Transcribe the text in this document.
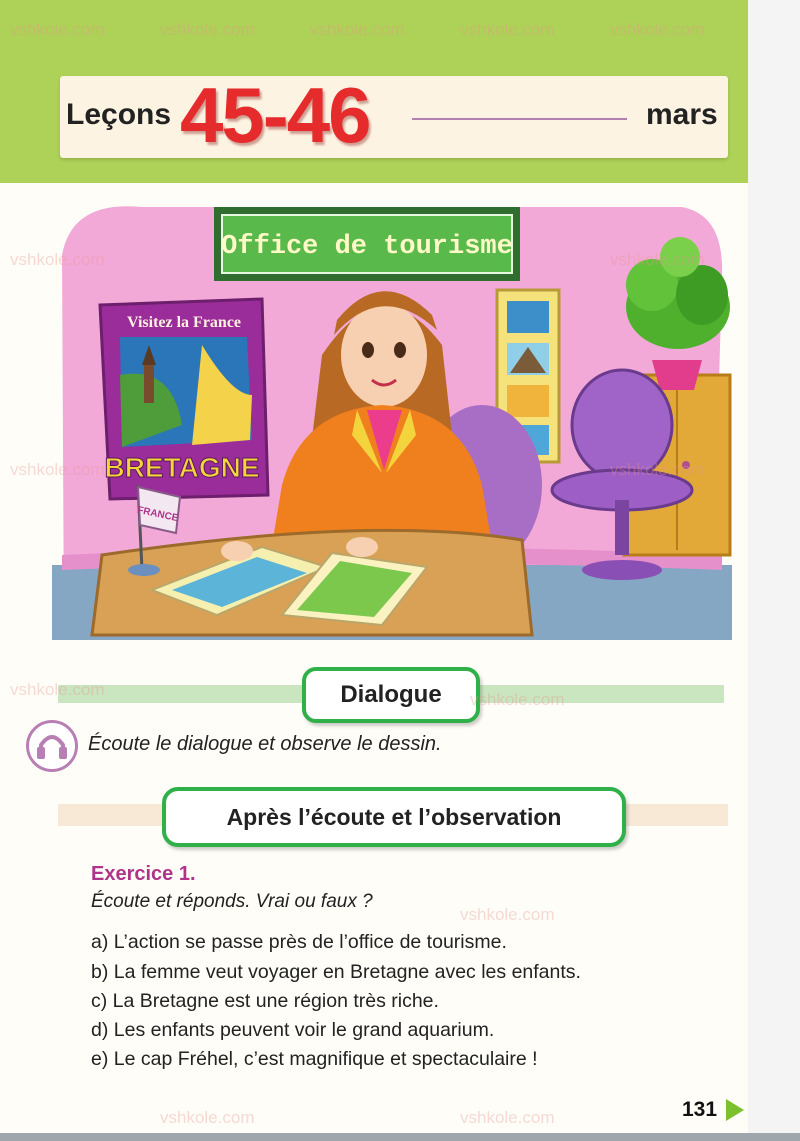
Leçons 45-46	mars
Office de tourisme
Visitez la France
BRETAGNE
FRANCE
Dialogue
Écoute le dialogue et observe le dessin.
Après l’écoute et l’observation
Exercice 1.
Écoute et réponds. Vrai ou faux ?
a) L’action se passe près de l’office de tourisme.
b) La femme veut voyager en Bretagne avec les enfants.
c) La Bretagne est une région très riche.
d) Les enfants peuvent voir le grand aquarium.
e) Le cap Fréhel, c’est magnifique et spectaculaire !
131
vshkole.com	vshkole.com	vshkole.com	vshkole.com	vshkole.com
vshkole.com	vshkole.com
vshkole.com	vshkole.com
vshkole.com
vshkole.com
vshkole.com
vshkole.com	vshkole.com
